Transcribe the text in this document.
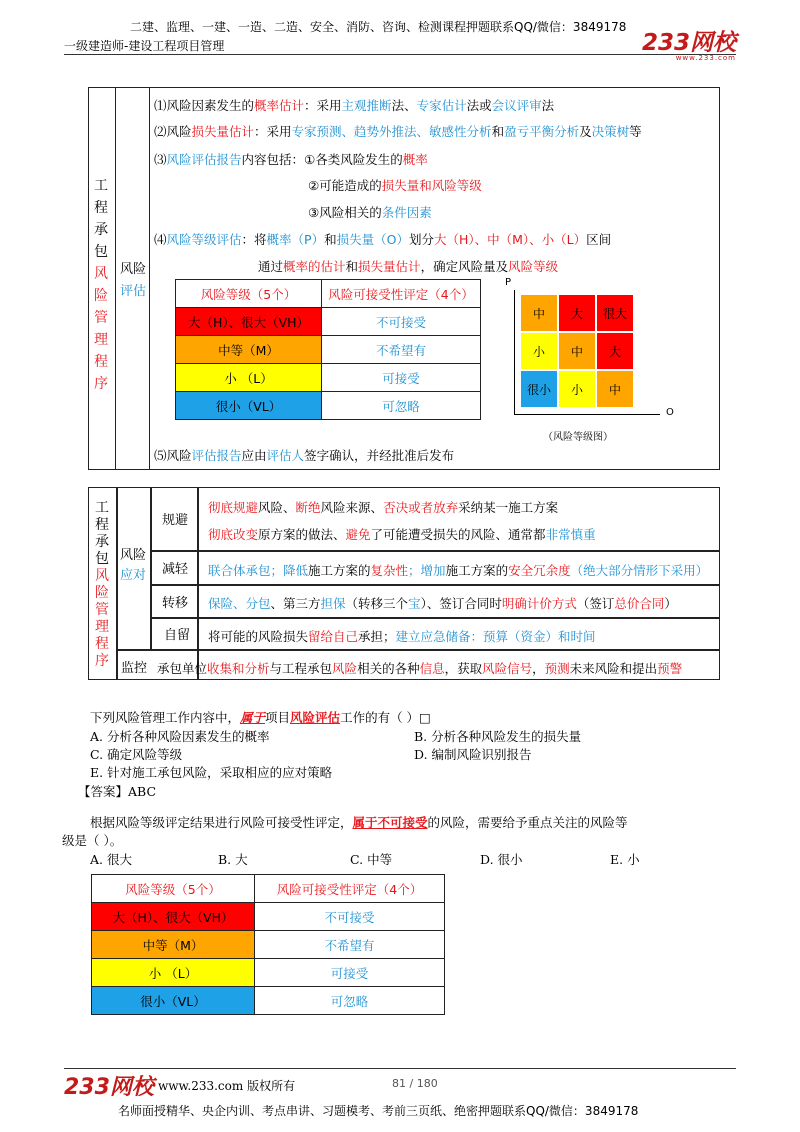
二建、监理、一建、一造、二造、安全、消防、咨询、检测课程押题联系QQ/微信：3849178
一级建造师-建设工程项目管理	233网校
www.233.com
工
程
承
包
风
险
管
理
程
序
风险
评估
⑴风险因素发生的概率估计：采用主观推断法、专家估计法或会议评审法
⑵风险损失量估计：采用专家预测、趋势外推法、敏感性分析和盈亏平衡分析及决策树等
⑶风险评估报告内容包括：①各类风险发生的概率
②可能造成的损失量和风险等级
③风险相关的条件因素
⑷风险等级评估：将概率（P）和损失量（O）划分大（H）、中（M）、小（L）区间
通过概率的估计和损失量估计，确定风险量及风险等级
风险等级（5个）	风险可接受性评定（4个）
大（H）、很大（VH）	不可接受
中等（M）	不希望有
小 （L）	可接受
很小（VL）	可忽略
P
O
中	大	很大
小	中	大
很小	小	中
（风险等级图）
⑸风险评估报告应由评估人签字确认，并经批准后发布
工
程
承
包
风
险
管
理
程
序
风险
应对
规避
彻底规避风险、断绝风险来源、否决或者放弃采纳某一施工方案
彻底改变原方案的做法、避免了可能遭受损失的风险、通常都非常慎重
减轻 联合体承包；降低施工方案的复杂性；增加施工方案的安全冗余度（绝大部分情形下采用）
转移 保险、分包、第三方担保（转移三个宝）、签订合同时明确计价方式（签订总价合同）
自留 将可能的风险损失留给自己承担；建立应急储备：预算（资金）和时间
监控 承包单位收集和分析与工程承包风险相关的各种信息，获取风险信号，预测未来风险和提出预警
下列风险管理工作内容中，属于项目风险评估工作的有（ ）□
A. 分析各种风险因素发生的概率	B. 分析各种风险发生的损失量
C. 确定风险等级	D. 编制风险识别报告
E. 针对施工承包风险，采取相应的应对策略
【答案】ABC
根据风险等级评定结果进行风险可接受性评定，属于不可接受的风险，需要给予重点关注的风险等
级是（ ）。
A. 很大	B. 大	C. 中等	D. 很小	E. 小
风险等级（5个）	风险可接受性评定（4个）
大（H）、很大（VH）	不可接受
中等（M）	不希望有
小 （L）	可接受
很小（VL）	可忽略
233网校 www.233.com 版权所有	81 / 180
名师面授精华、央企内训、考点串讲、习题模考、考前三页纸、绝密押题联系QQ/微信：3849178
